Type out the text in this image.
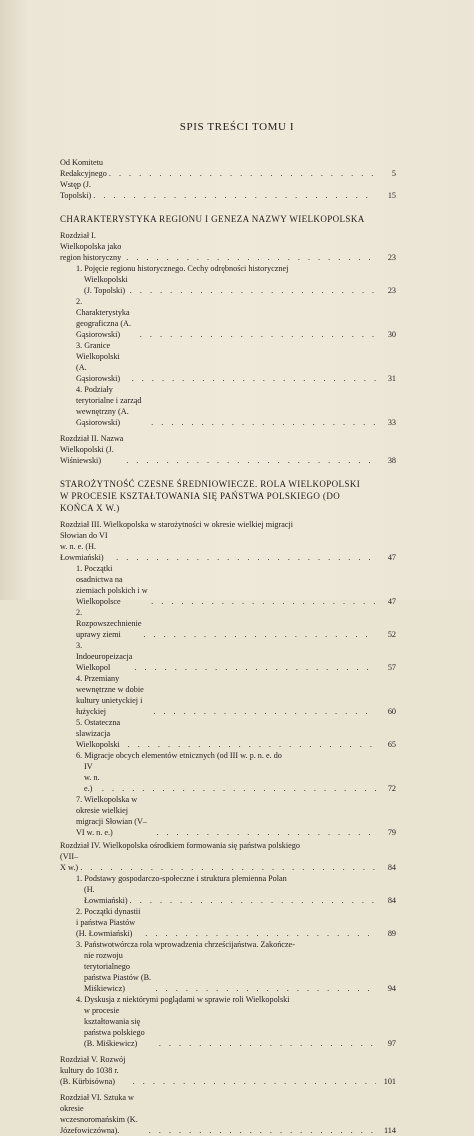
SPIS TREŚCI TOMU I
Od Komitetu Redakcyjnego . . .	5
Wstęp (J. Topolski) . . .	15
CHARAKTERYSTYKA REGIONU I GENEZA NAZWY WIELKOPOLSKA
Rozdział I. Wielkopolska jako region historyczny . . .	23
1. Pojęcie regionu historycznego. Cechy odrębności historycznej
Wielkopolski (J. Topolski) . . .	23
2. Charakterystyka geograficzna (A. Gąsiorowski) . . .	30
3. Granice Wielkopolski (A. Gąsiorowski) . . .	31
4. Podziały terytorialne i zarząd wewnętrzny (A. Gąsiorowski) . . .	33
Rozdział II. Nazwa Wielkopolski (J. Wiśniewski) . . .	38
STAROŻYTNOŚĆ CZESNE ŚREDNIOWIECZE. ROLA WIELKOPOLSKI
W PROCESIE KSZTAŁTOWANIA SIĘ PAŃSTWA POLSKIEGO (DO
KOŃCA X W.)
Rozdział III. Wielkopolska w starożytności w okresie wielkiej migracji
Słowian do VI w. n. e. (H. Łowmiański) . . .	47
1. Początki osadnictwa na ziemiach polskich i w Wielkopolsce . . .	47
2. Rozpowszechnienie uprawy ziemi . . .	52
3. Indoeuropeizacja Wielkopol . . .	57
4. Przemiany wewnętrzne w dobie kultury unietyckiej i łużyckiej . . .	60
5. Ostateczna slawizacja Wielkopolski . . .	65
6. Migracje obcych elementów etnicznych (od III w. p. n. e. do
IV w. n. e.) . . .	72
7. Wielkopolska w okresie wielkiej migracji Słowian (V–VI w. n. e.) . . .	79
Rozdział IV. Wielkopolska ośrodkiem formowania się państwa polskiego
(VII–X w.) . . .	84
1. Podstawy gospodarczo-społeczne i struktura plemienna Polan
(H. Łowmiański) . . .	84
2. Początki dynastii i państwa Piastów (H. Łowmiański) . . .	89
3. Państwotwórcza rola wprowadzenia chrześcijaństwa. Zakończe-
nie rozwoju terytorialnego państwa Piastów (B. Miśkiewicz) . . .	94
4. Dyskusja z niektórymi poglądami w sprawie roli Wielkopolski
w procesie kształtowania się państwa polskiego (B. Miśkiewicz) . . .	97
Rozdział V. Rozwój kultury do 1038 r. (B. Kürbisówna) . . .	101
Rozdział VI. Sztuka w okresie wczesnoromańskim (K. Józefowiczówna). . . .	114
